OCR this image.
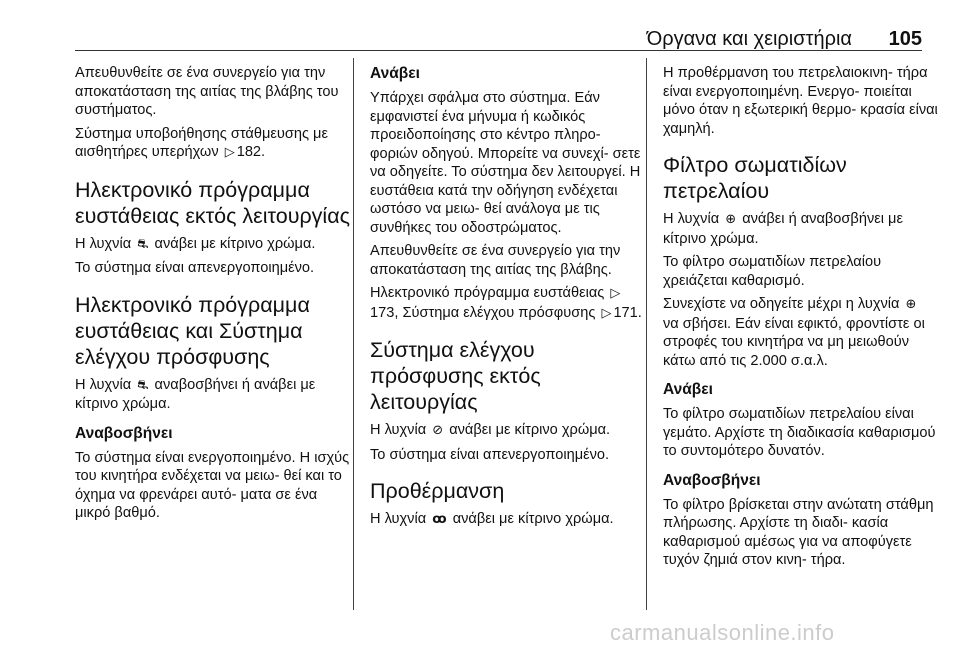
Όργανα και χειριστήρια 105

Απευθυνθείτε σε ένα συνεργείο για την αποκατάσταση της αιτίας της βλάβης του συστήματος.

Σύστημα υποβοήθησης στάθμευσης με αισθητήρες υπερήχων ▷ 182.

Ηλεκτρονικό πρόγραμμα ευστάθειας εκτός λειτουργίας

Η λυχνία ⛐ ανάβει με κίτρινο χρώμα.

Το σύστημα είναι απενεργοποιημένο.

Ηλεκτρονικό πρόγραμμα ευστάθειας και Σύστημα ελέγχου πρόσφυσης

Η λυχνία ⛐ αναβοσβήνει ή ανάβει με κίτρινο χρώμα.

Αναβοσβήνει

Το σύστημα είναι ενεργοποιημένο. Η ισχύς του κινητήρα ενδέχεται να μειω- θεί και το όχημα να φρενάρει αυτό- ματα σε ένα μικρό βαθμό.

Ανάβει

Υπάρχει σφάλμα στο σύστημα. Εάν εμφανιστεί ένα μήνυμα ή κωδικός προειδοποίησης στο κέντρο πληρο- φοριών οδηγού. Μπορείτε να συνεχί- σετε να οδηγείτε. Το σύστημα δεν λειτουργεί. Η ευστάθεια κατά την οδήγηση ενδέχεται ωστόσο να μειω- θεί ανάλογα με τις συνθήκες του οδοστρώματος.

Απευθυνθείτε σε ένα συνεργείο για την αποκατάσταση της αιτίας της βλάβης.

Ηλεκτρονικό πρόγραμμα ευστάθειας ▷173, Σύστημα ελέγχου πρόσφυσης ▷ 171.

Σύστημα ελέγχου πρόσφυσης εκτός λειτουργίας

Η λυχνία ⊘ ανάβει με κίτρινο χρώμα.

Το σύστημα είναι απενεργοποιημένο.

Προθέρμανση

Η λυχνία ꝏ ανάβει με κίτρινο χρώμα.

Η προθέρμανση του πετρελαιοκινη- τήρα είναι ενεργοποιημένη. Ενεργο- ποιείται μόνο όταν η εξωτερική θερμο- κρασία είναι χαμηλή.

Φίλτρο σωματιδίων πετρελαίου

Η λυχνία ⊕ ανάβει ή αναβοσβήνει με κίτρινο χρώμα.

Το φίλτρο σωματιδίων πετρελαίου χρειάζεται καθαρισμό.

Συνεχίστε να οδηγείτε μέχρι η λυχνία ⊕ να σβήσει. Εάν είναι εφικτό, φροντίστε οι στροφές του κινητήρα να μη μειωθούν κάτω από τις 2.000 σ.α.λ.

Ανάβει

Το φίλτρο σωματιδίων πετρελαίου είναι γεμάτο. Αρχίστε τη διαδικασία καθαρισμού το συντομότερο δυνατόν.

Αναβοσβήνει

Το φίλτρο βρίσκεται στην ανώτατη στάθμη πλήρωσης. Αρχίστε τη διαδι- κασία καθαρισμού αμέσως για να αποφύγετε τυχόν ζημιά στον κινη- τήρα.

carmanualsonline.info
